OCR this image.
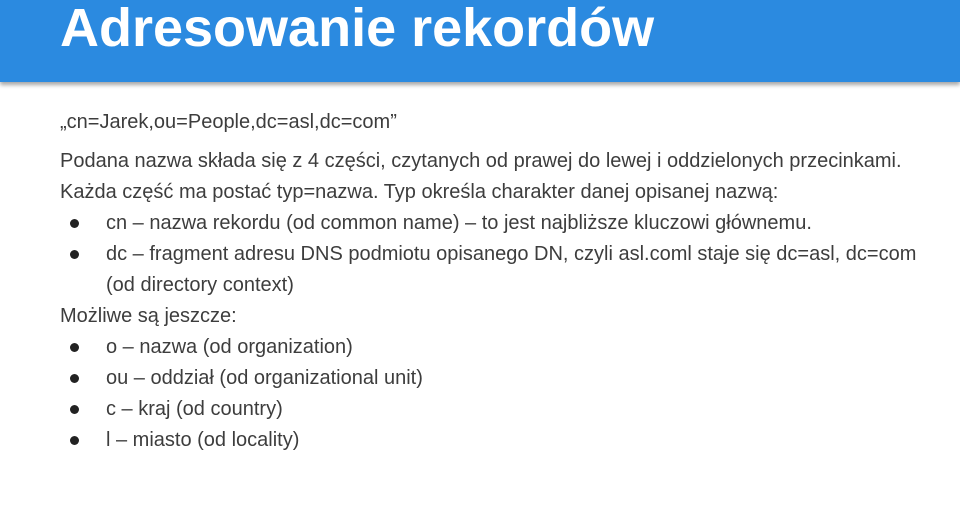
Adresowanie rekordów

„cn=Jarek,ou=People,dc=asl,dc=com”

Podana nazwa składa się z 4 części, czytanych od prawej do lewej i oddzielonych przecinkami. Każda część ma postać typ=nazwa. Typ określa charakter danej opisanej nazwą:

cn – nazwa rekordu (od common name) – to jest najbliższe kluczowi głównemu.
dc – fragment adresu DNS podmiotu opisanego DN, czyli asl.coml staje się dc=asl, dc=com (od directory context)

Możliwe są jeszcze:

o – nazwa (od organization)
ou – oddział (od organizational unit)
c – kraj (od country)
l – miasto (od locality)
